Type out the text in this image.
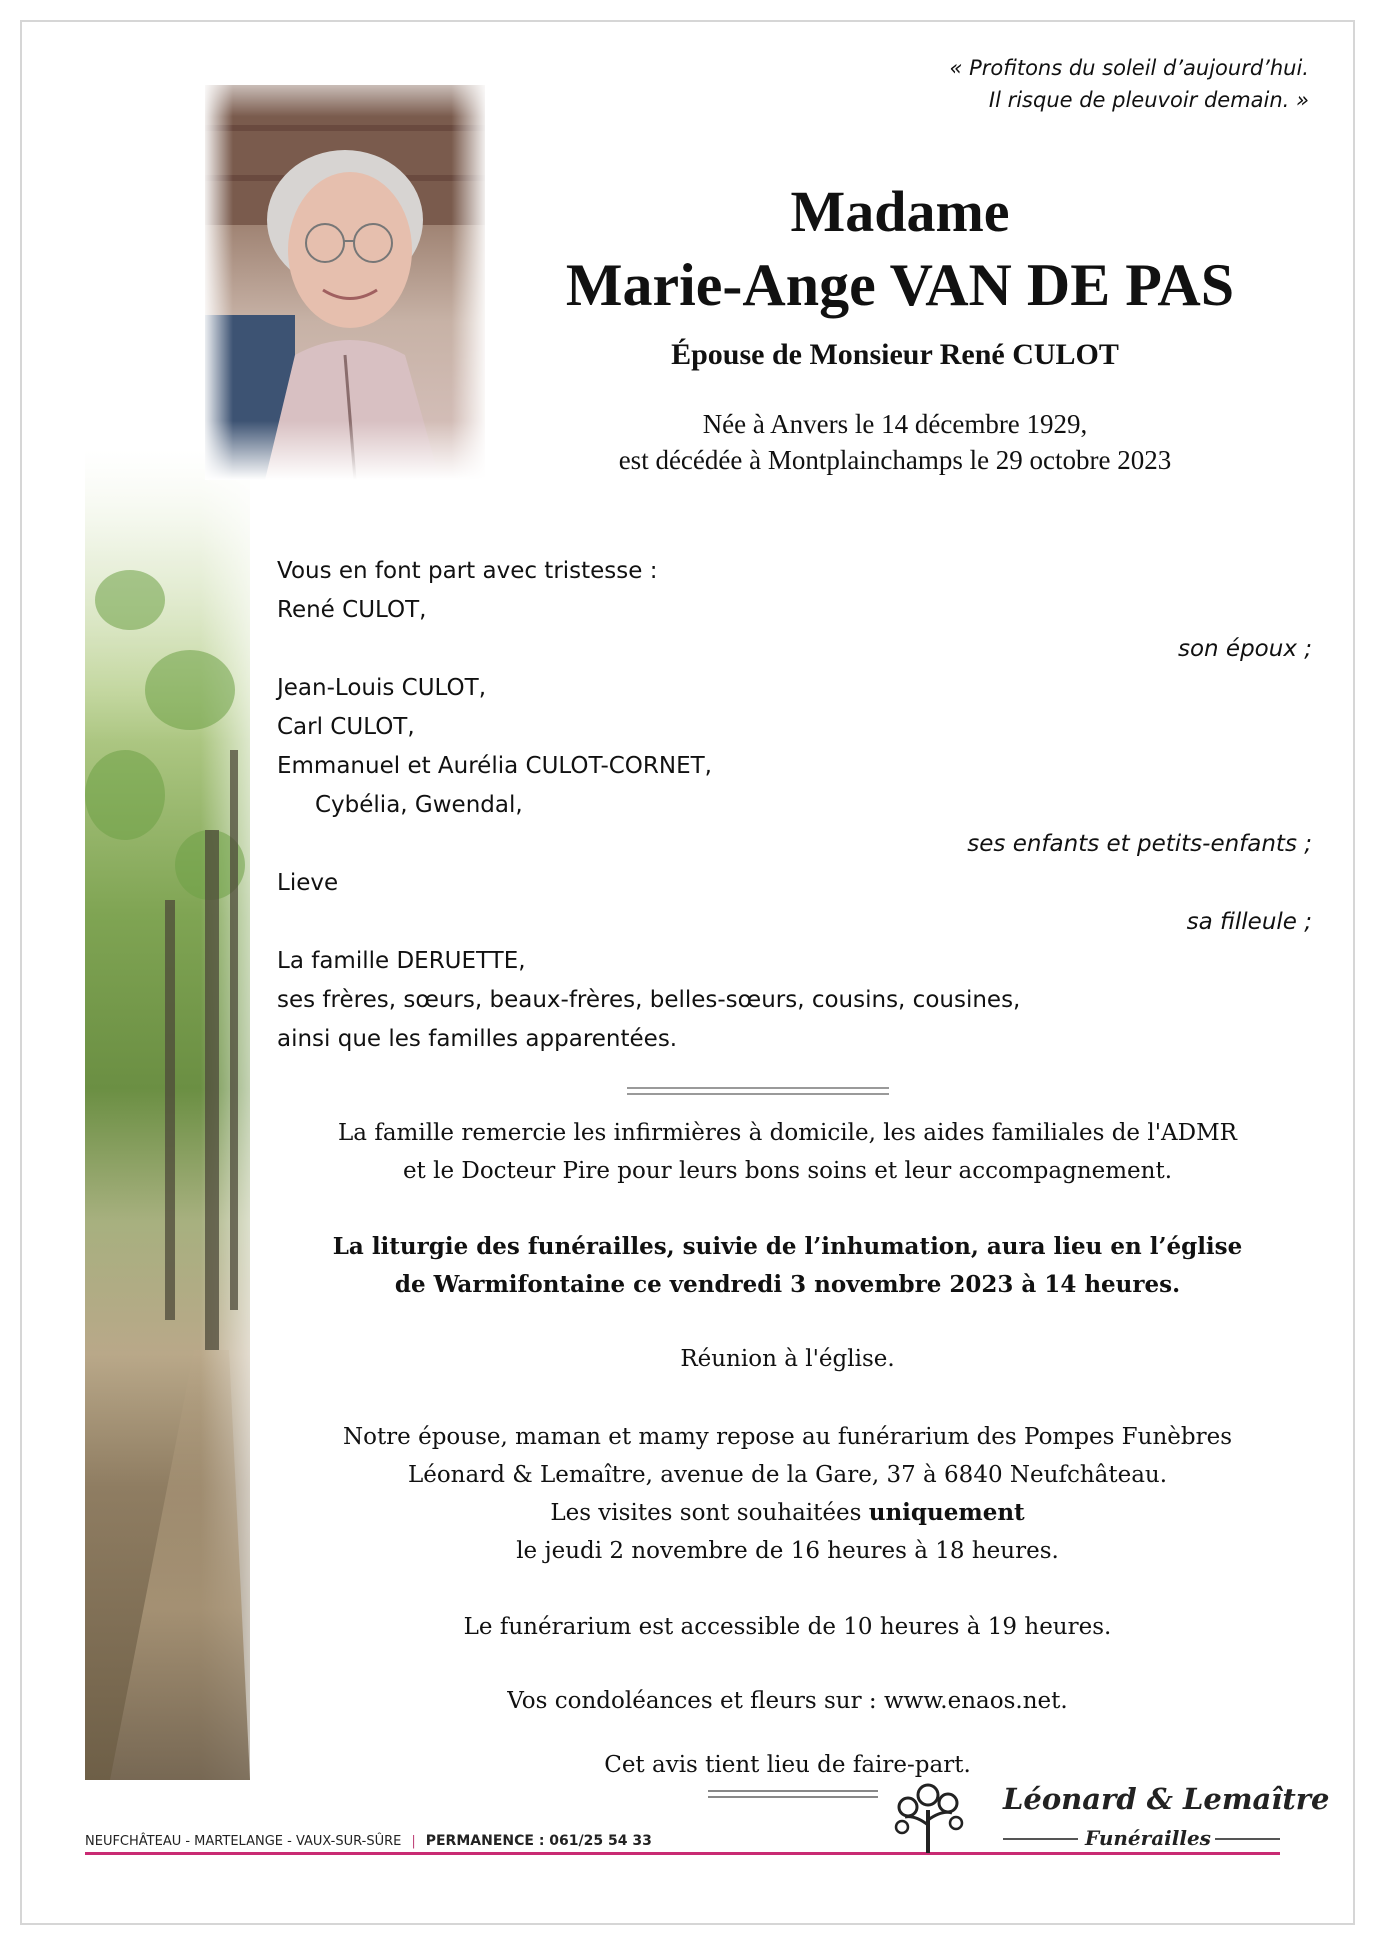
« Profitons du soleil d’aujourd’hui.
Il risque de pleuvoir demain. »
Madame
Marie-Ange VAN DE PAS
Épouse de Monsieur René CULOT
Née à Anvers le 14 décembre 1929,
est décédée à Montplainchamps le 29 octobre 2023
Vous en font part avec tristesse :
René CULOT,
son époux ;
Jean-Louis CULOT,
Carl CULOT,
Emmanuel et Aurélia CULOT-CORNET,
Cybélia, Gwendal,
ses enfants et petits-enfants ;
Lieve
sa filleule ;
La famille DERUETTE,
ses frères, sœurs, beaux-frères, belles-sœurs, cousins, cousines,
ainsi que les familles apparentées.
La famille remercie les infirmières à domicile, les aides familiales de l'ADMR
et le Docteur Pire pour leurs bons soins et leur accompagnement.
La liturgie des funérailles, suivie de l’inhumation, aura lieu en l’église
de Warmifontaine ce vendredi 3 novembre 2023 à 14 heures.
Réunion à l'église.
Notre épouse, maman et mamy repose au funérarium des Pompes Funèbres
Léonard & Lemaître, avenue de la Gare, 37 à 6840 Neufchâteau.
Les visites sont souhaitées uniquement
le jeudi 2 novembre de 16 heures à 18 heures.
Le funérarium est accessible de 10 heures à 19 heures.
Vos condoléances et fleurs sur : www.enaos.net.
Cet avis tient lieu de faire-part.
NEUFCHÂTEAU - MARTELANGE - VAUX-SUR-SÛRE | PERMANENCE : 061/25 54 33
Léonard & Lemaître
Funérailles
